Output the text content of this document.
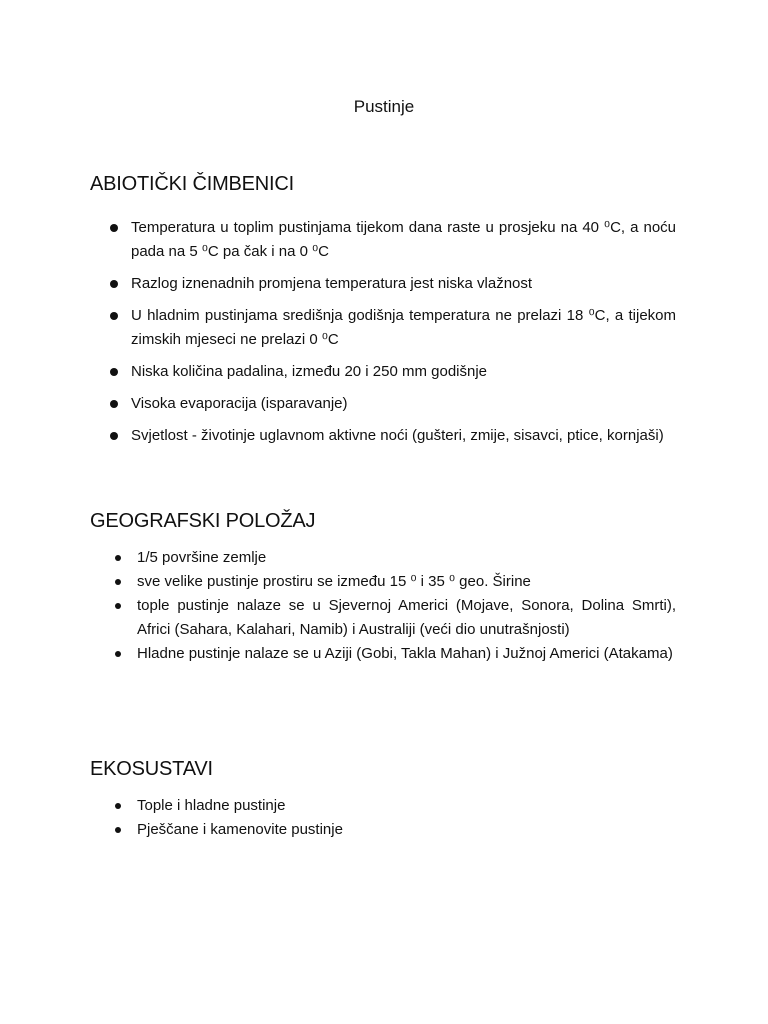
Pustinje
ABIOTIČKI ČIMBENICI
Temperatura u toplim pustinjama tijekom dana raste u prosjeku na 40 ⁰C, a noću pada na 5 ⁰C pa čak i na 0 ⁰C
Razlog iznenadnih promjena temperatura jest niska vlažnost
U hladnim pustinjama središnja godišnja temperatura ne prelazi 18 ⁰C, a tijekom zimskih mjeseci ne prelazi 0 ⁰C
Niska količina padalina, između 20 i 250 mm godišnje
Visoka evaporacija (isparavanje)
Svjetlost - životinje uglavnom aktivne noći (gušteri, zmije, sisavci, ptice, kornjaši)
GEOGRAFSKI POLOŽAJ
1/5 površine zemlje
sve velike pustinje prostiru se između 15 ⁰ i 35 ⁰ geo. Širine
tople pustinje nalaze se u Sjevernoj Americi (Mojave, Sonora, Dolina Smrti), Africi (Sahara, Kalahari, Namib) i Australiji (veći dio unutrašnjosti)
Hladne pustinje nalaze se u Aziji (Gobi, Takla Mahan) i Južnoj Americi (Atakama)
EKOSUSTAVI
Tople i hladne pustinje
Pješčane i kamenovite pustinje
